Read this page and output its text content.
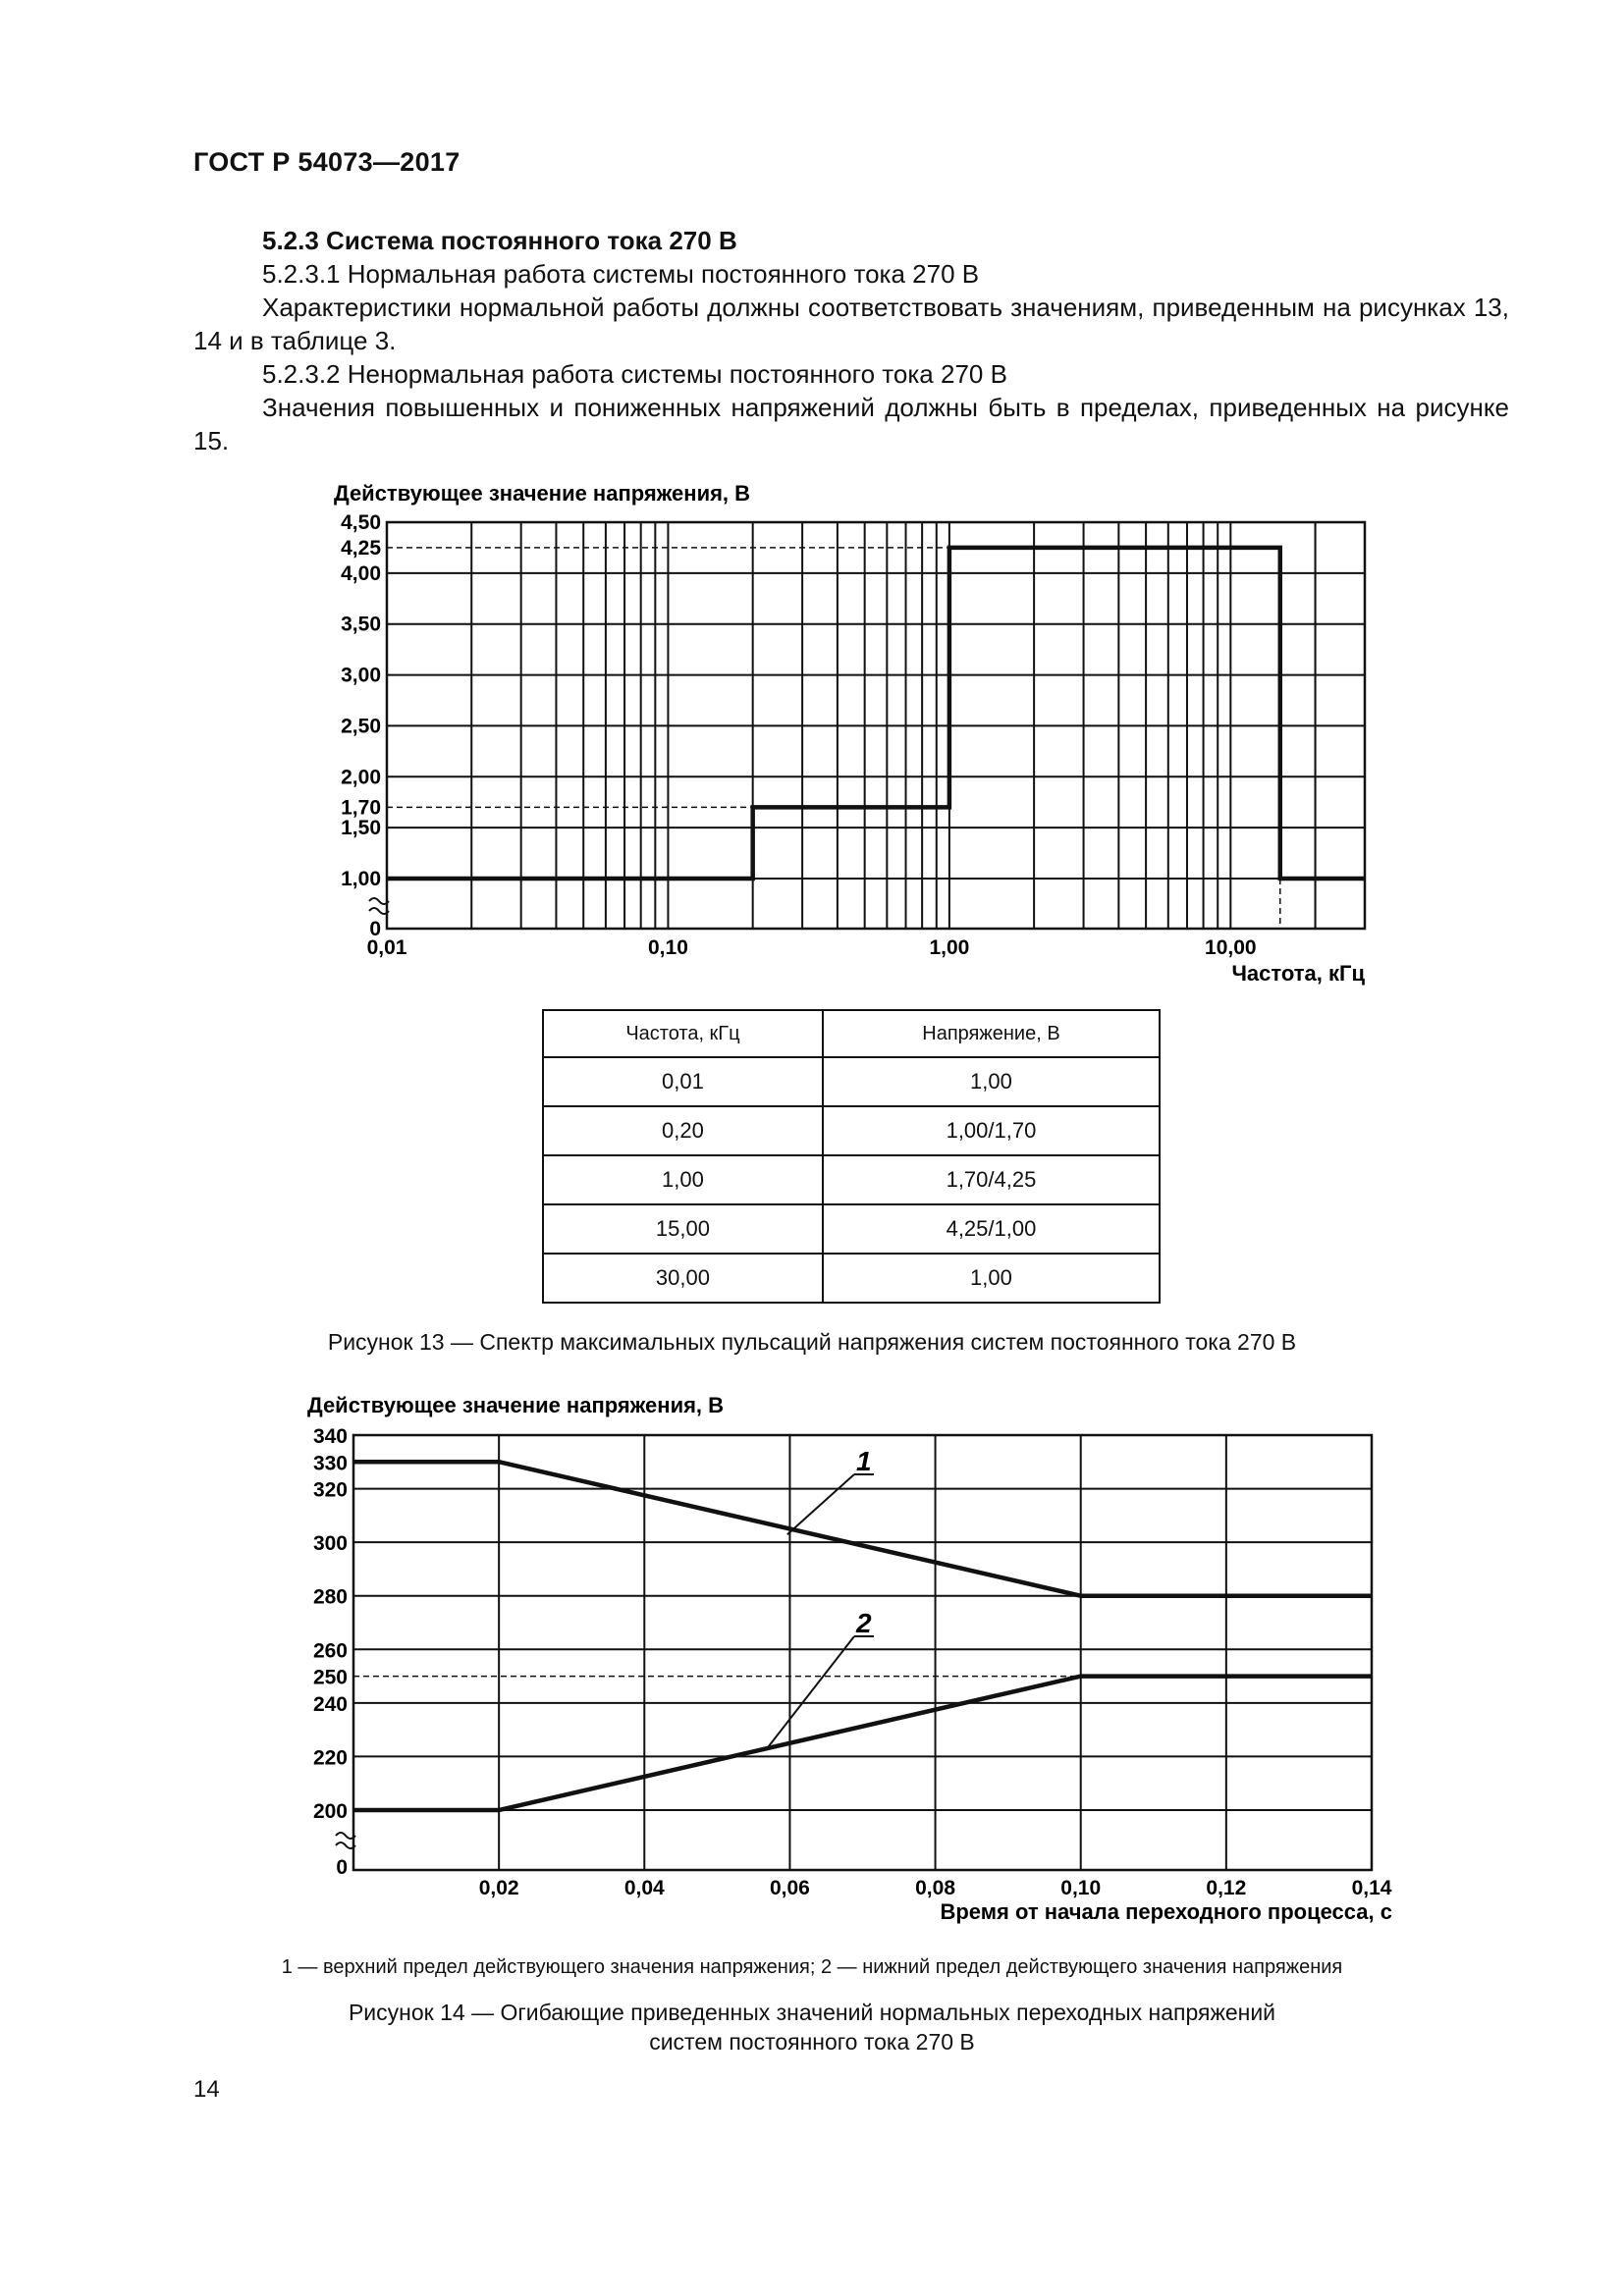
ГОСТ Р 54073—2017
5.2.3 Система постоянного тока 270 В
5.2.3.1 Нормальная работа системы постоянного тока 270 В
Характеристики нормальной работы должны соответствовать значениям, приведенным на рисунках 13, 14 и в таблице 3.
5.2.3.2 Ненормальная работа системы постоянного тока 270 В
Значения повышенных и пониженных напряжений должны быть в пределах, приведенных на рисунке 15.
4,50
4,25
4,00
3,50
3,00
2,50
2,00
1,70
1,50
1,00
0
0,01	0,10	1,00	10,00
Действующее значение напряжения, В
Частота, кГц
Частота, кГц	Напряжение, В
0,01	1,00
0,20	1,00/1,70
1,00	1,70/4,25
15,00	4,25/1,00
30,00	1,00
Рисунок 13 — Спектр максимальных пульсаций напряжения систем постоянного тока 270 В
1
2
340
330
320
300
280
260
250
240
220
200
0
0,02	0,04	0,06	0,08	0,10	0,12	0,14
Действующее значение напряжения, В
Время от начала переходного процесса, с
1 — верхний предел действующего значения напряжения; 2 — нижний предел действующего значения напряжения
Рисунок 14 — Огибающие приведенных значений нормальных переходных напряжений
систем постоянного тока 270 В
14
